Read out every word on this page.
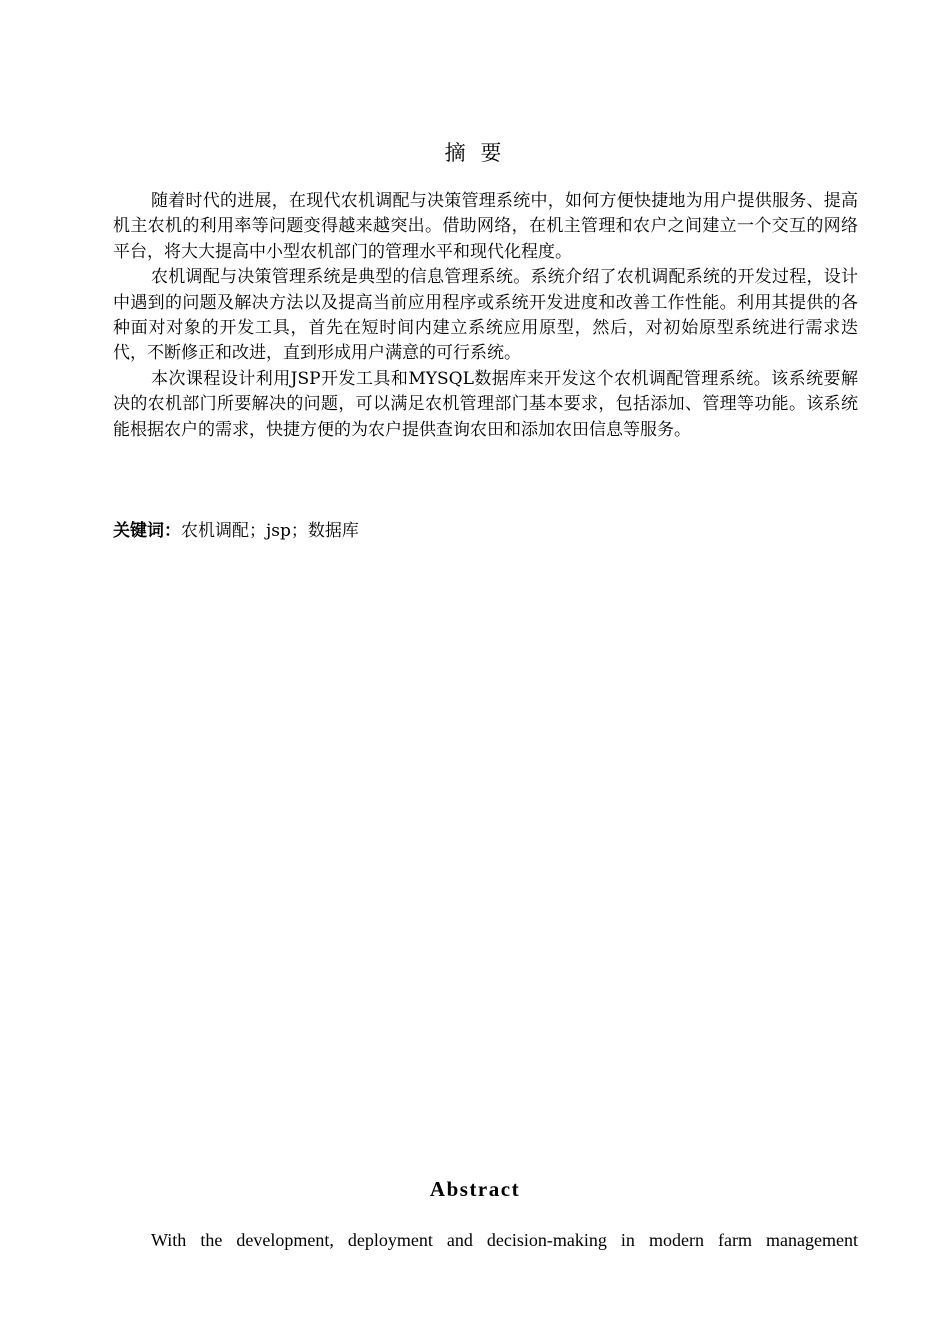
摘 要

随着时代的进展，在现代农机调配与决策管理系统中，如何方便快捷地为用户提供服务、提高机主农机的利用率等问题变得越来越突出。借助网络，在机主管理和农户之间建立一个交互的网络平台，将大大提高中小型农机部门的管理水平和现代化程度。

农机调配与决策管理系统是典型的信息管理系统。系统介绍了农机调配系统的开发过程，设计中遇到的问题及解决方法以及提高当前应用程序或系统开发进度和改善工作性能。利用其提供的各种面对对象的开发工具，首先在短时间内建立系统应用原型，然后，对初始原型系统进行需求迭代，不断修正和改进，直到形成用户满意的可行系统。

本次课程设计利用JSP开发工具和MYSQL数据库来开发这个农机调配管理系统。该系统要解决的农机部门所要解决的问题，可以满足农机管理部门基本要求，包括添加、管理等功能。该系统能根据农户的需求，快捷方便的为农户提供查询农田和添加农田信息等服务。

关键词：农机调配；jsp；数据库
Abstract

With the development, deployment and decision-making in modern farm management
